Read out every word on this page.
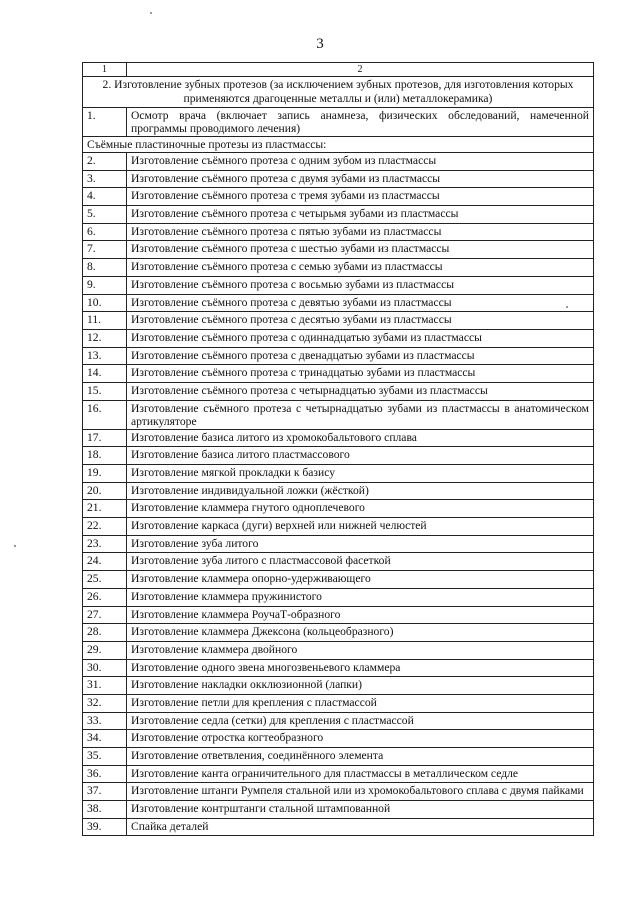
3
1	2
2. Изготовление зубных протезов (за исключением зубных протезов, для изготовления которых применяются драгоценные металлы и (или) металлокерамика)	
1.	Осмотр врача (включает запись анамнеза, физических обследований, намеченной программы проводимого лечения)
Съёмные пластиночные протезы из пластмассы:	
2.	Изготовление съёмного протеза с одним зубом из пластмассы
3.	Изготовление съёмного протеза с двумя зубами из пластмассы
4.	Изготовление съёмного протеза с тремя зубами из пластмассы
5.	Изготовление съёмного протеза с четырьмя зубами из пластмассы
6.	Изготовление съёмного протеза с пятью зубами из пластмассы
7.	Изготовление съёмного протеза с шестью зубами из пластмассы
8.	Изготовление съёмного протеза с семью зубами из пластмассы
9.	Изготовление съёмного протеза с восьмью зубами из пластмассы
10.	Изготовление съёмного протеза с девятью зубами из пластмассы
11.	Изготовление съёмного протеза с десятью зубами из пластмассы
12.	Изготовление съёмного протеза с одиннадцатью зубами из пластмассы
13.	Изготовление съёмного протеза с двенадцатью зубами из пластмассы
14.	Изготовление съёмного протеза с тринадцатью зубами из пластмассы
15.	Изготовление съёмного протеза с четырнадцатью зубами из пластмассы
16.	Изготовление съёмного протеза с четырнадцатью зубами из пластмассы в анатомическом артикуляторе
17.	Изготовление базиса литого из хромокобальтового сплава
18.	Изготовление базиса литого пластмассового
19.	Изготовление мягкой прокладки к базису
20.	Изготовление индивидуальной ложки (жёсткой)
21.	Изготовление кламмера гнутого одноплечевого
22.	Изготовление каркаса (дуги) верхней или нижней челюстей
23.	Изготовление зуба литого
24.	Изготовление зуба литого с пластмассовой фасеткой
25.	Изготовление кламмера опорно-удерживающего
26.	Изготовление кламмера пружинистого
27.	Изготовление кламмера РоучаТ-образного
28.	Изготовление кламмера Джексона (кольцеобразного)
29.	Изготовление кламмера двойного
30.	Изготовление одного звена многозвеньевого кламмера
31.	Изготовление накладки окклюзионной (лапки)
32.	Изготовление петли для крепления с пластмассой
33.	Изготовление седла (сетки) для крепления с пластмассой
34.	Изготовление отростка когтеобразного
35.	Изготовление ответвления, соединённого элемента
36.	Изготовление канта ограничительного для пластмассы в металлическом седле
37.	Изготовление штанги Румпеля стальной или из хромокобальтового сплава с двумя пайками
38.	Изготовление контрштанги стальной штампованной
39.	Спайка деталей
